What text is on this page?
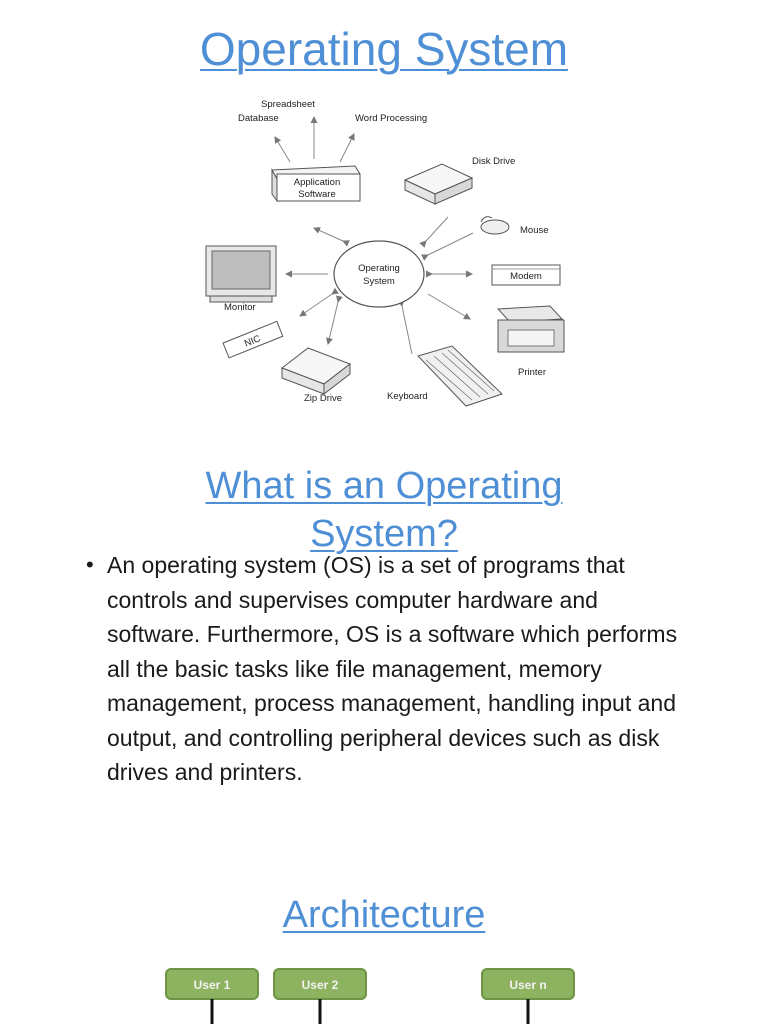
Operating System
Operating
System
Application
Software
Spreadsheet
Database	Word Processing
Disk Drive
Mouse
Modem
Printer
Keyboard
Zip Drive
NIC
Monitor
What is an Operating System?
• An operating system (OS) is a set of programs that controls and supervises computer hardware and software. Furthermore, OS is a software which performs all the basic tasks like file management, memory management, process management, handling input and output, and controlling peripheral devices such as disk drives and printers.
Architecture
User 1	User 2	User n
